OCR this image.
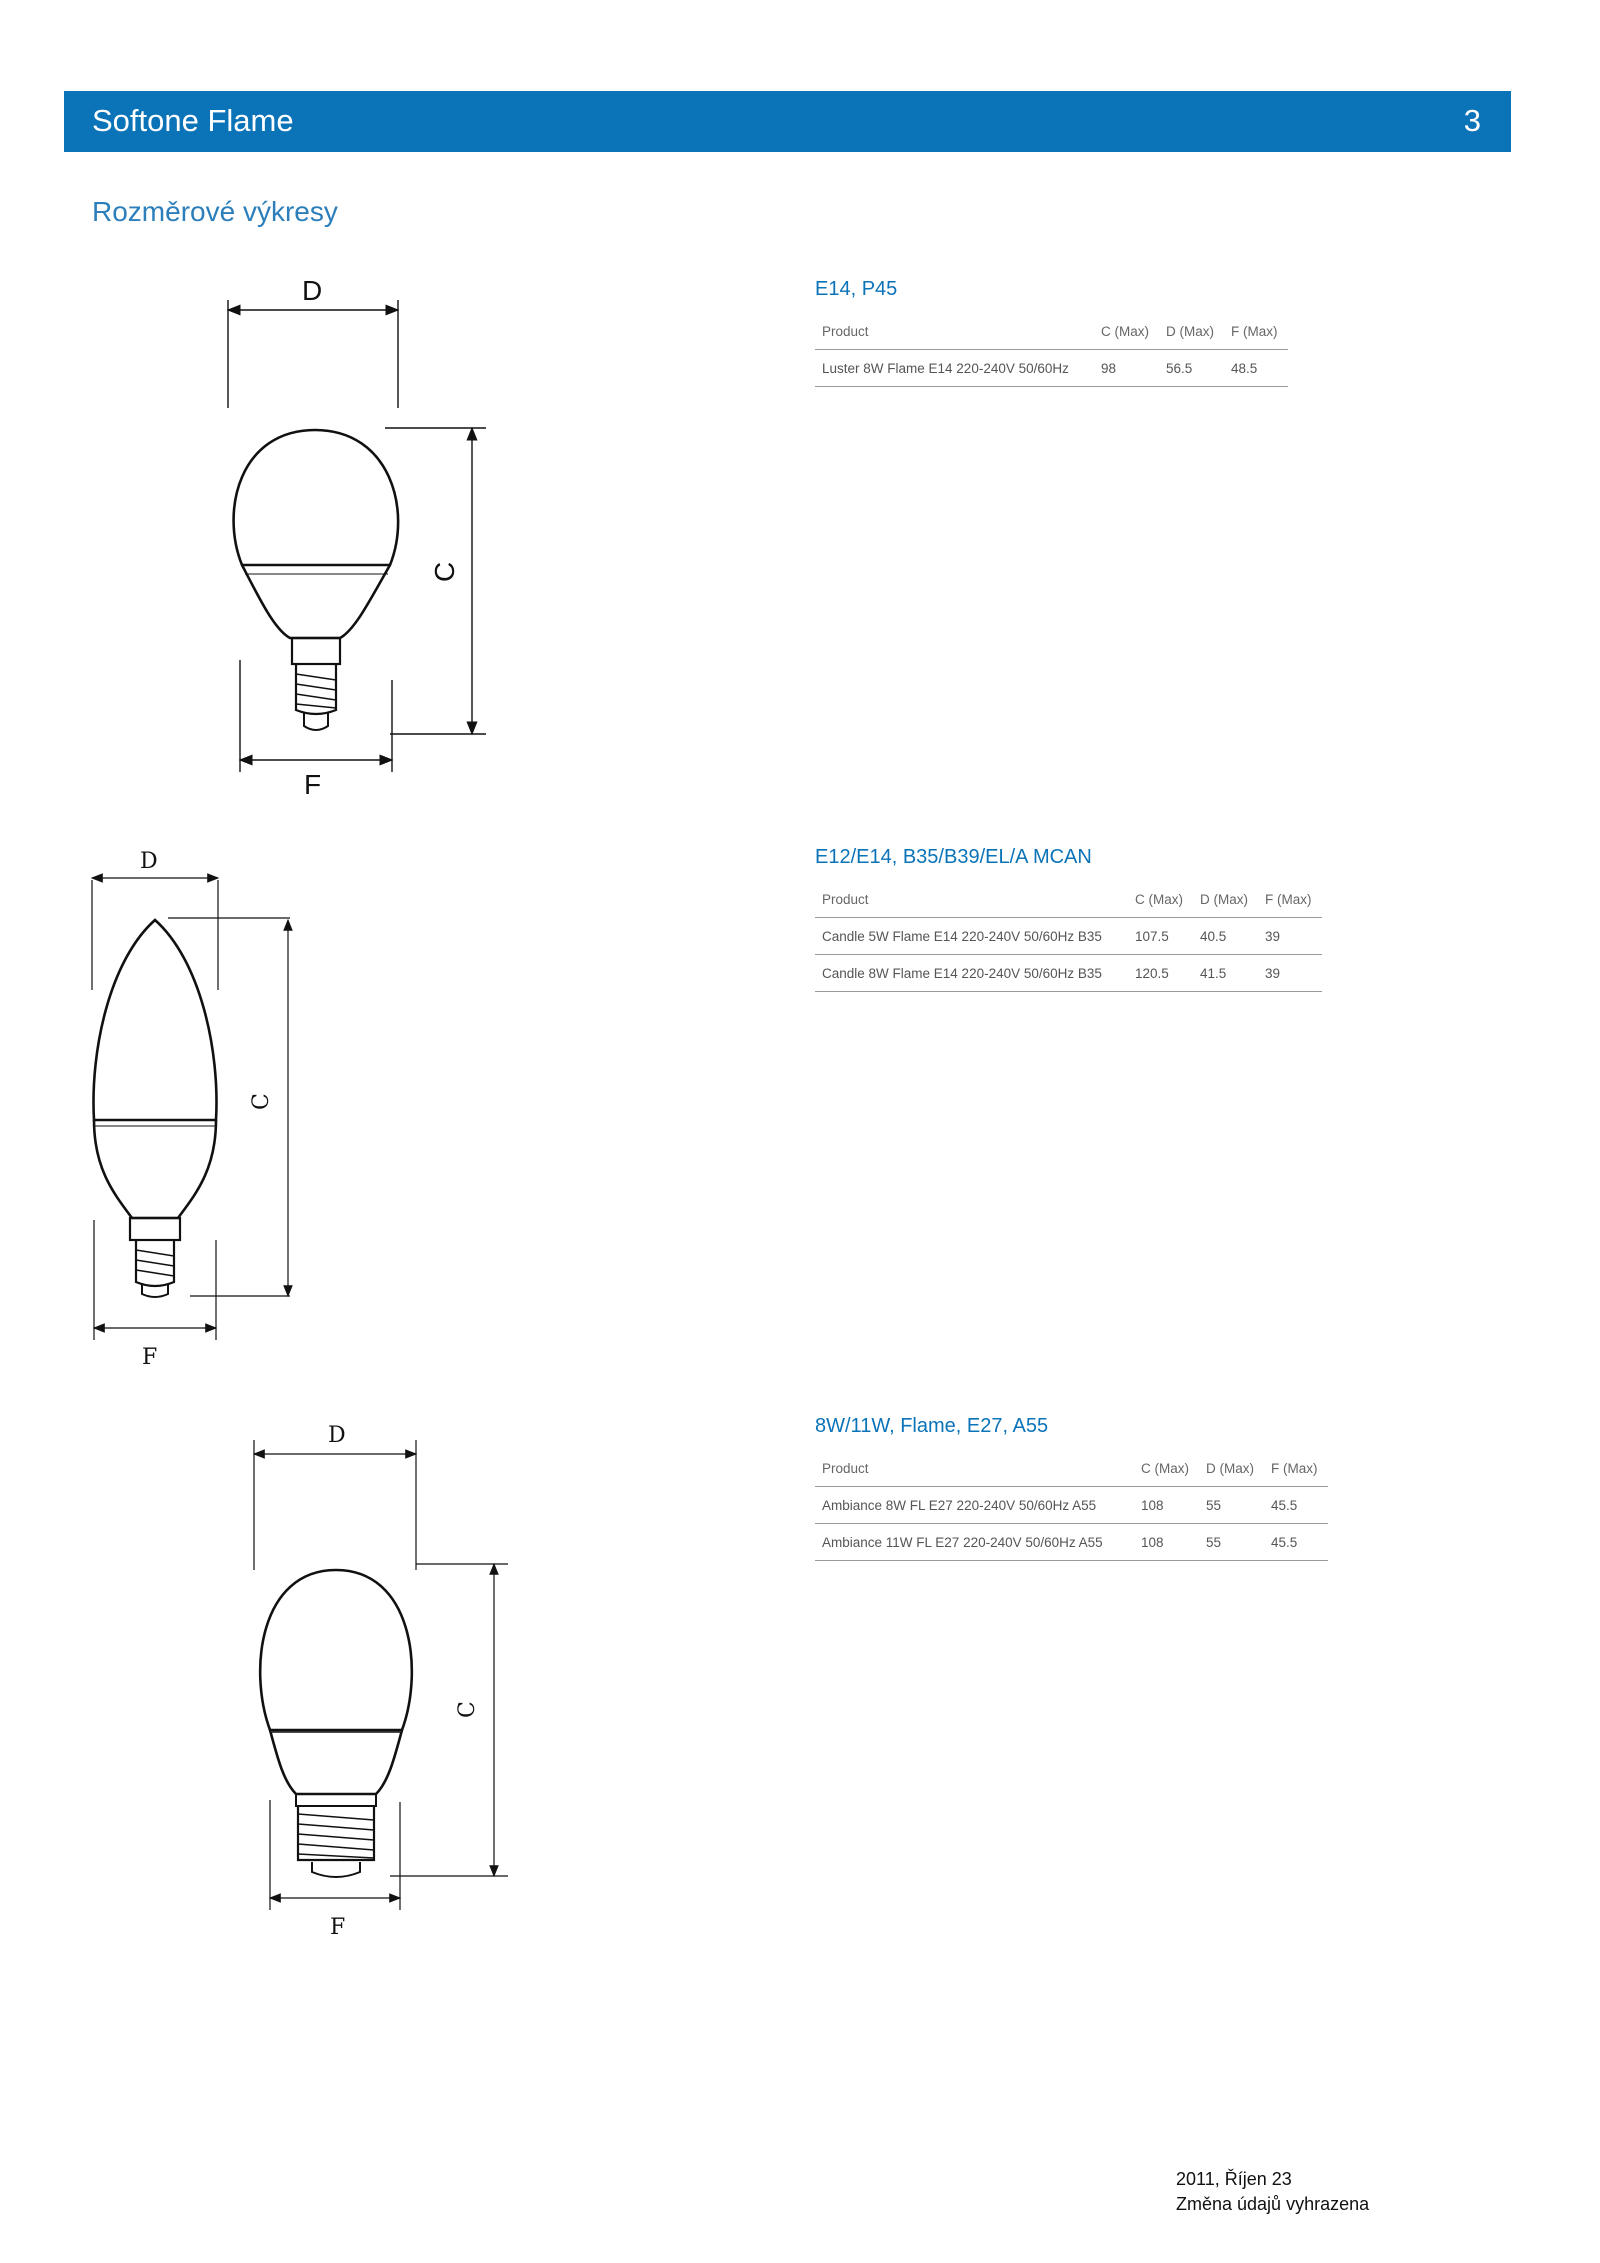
Softone Flame	3
Rozměrové výkresy
D
F
C
D
F
C
D
F
C
E14, P45
Product	C (Max)	D (Max)	F (Max)
Luster 8W Flame E14 220-240V 50/60Hz	98	56.5	48.5
E12/E14, B35/B39/EL/A MCAN
Product	C (Max)	D (Max)	F (Max)
Candle 5W Flame E14 220-240V 50/60Hz B35	107.5	40.5	39
Candle 8W Flame E14 220-240V 50/60Hz B35	120.5	41.5	39
8W/11W, Flame, E27, A55
Product	C (Max)	D (Max)	F (Max)
Ambiance 8W FL E27 220-240V 50/60Hz A55	108	55	45.5
Ambiance 11W FL E27 220-240V 50/60Hz A55	108	55	45.5
2011, Říjen 23
Změna údajů vyhrazena
